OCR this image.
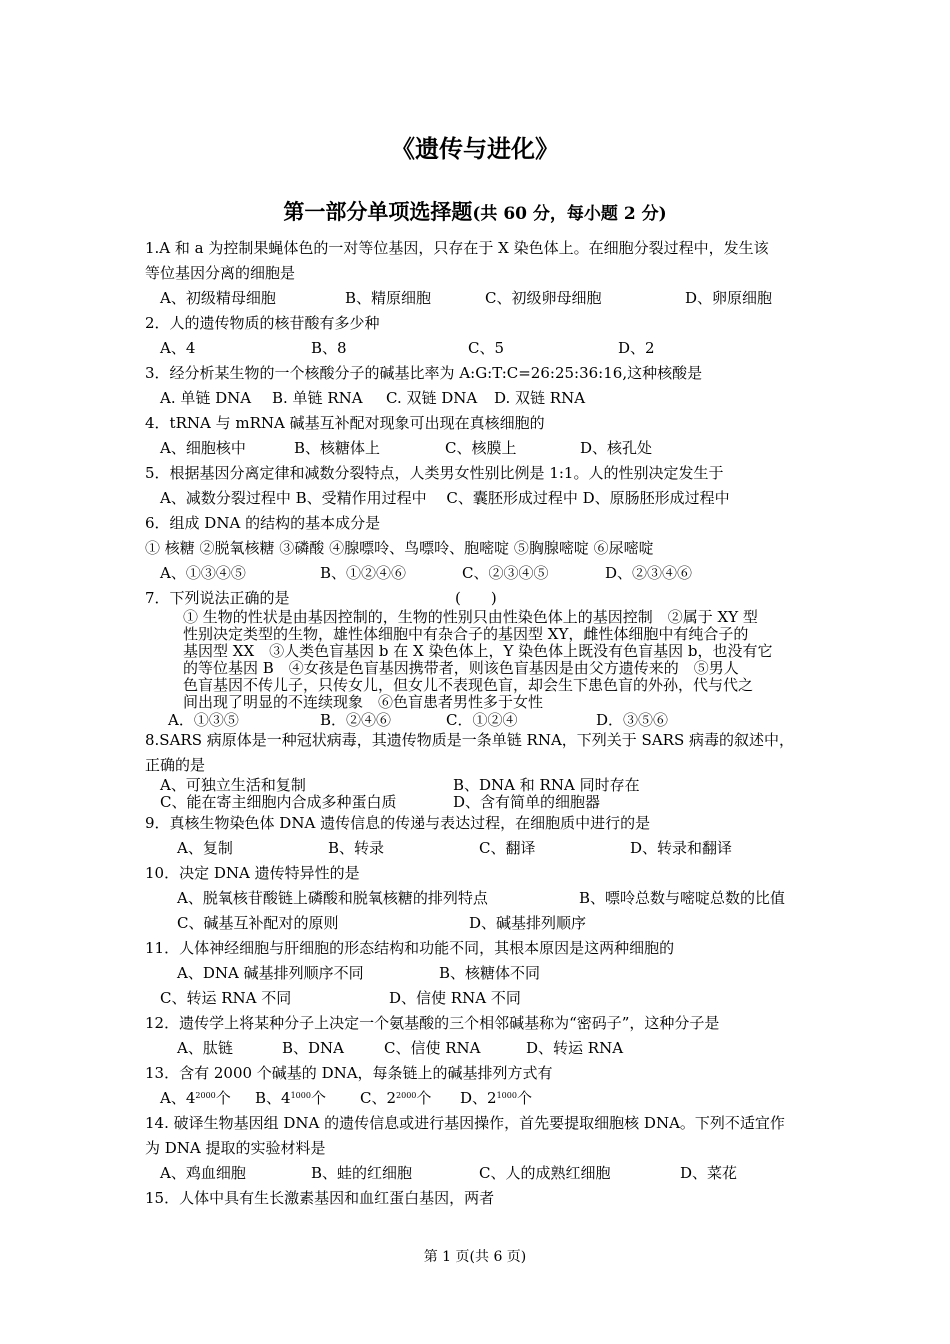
《遗传与进化》
第一部分单项选择题(共 60 分，每小题 2 分)
1.A 和 a 为控制果蝇体色的一对等位基因，只存在于 X 染色体上。在细胞分裂过程中，发生该
等位基因分离的细胞是
A、初级精母细胞	B、精原细胞	C、初级卵母细胞	D、卵原细胞
2．人的遗传物质的核苷酸有多少种
A、4	B、8	C、5	D、2
3．经分析某生物的一个核酸分子的碱基比率为 A:G:T:C=26:25:36:16,这种核酸是
A. 单链 DNA B. 单链 RNA C. 双链 DNA D. 双链 RNA
4．tRNA 与 mRNA 碱基互补配对现象可出现在真核细胞的
A、细胞核中	B、核糖体上	C、核膜上	D、核孔处
5．根据基因分离定律和减数分裂特点，人类男女性别比例是 1:1。人的性别决定发生于
A、减数分裂过程中 B、受精作用过程中　 C、囊胚形成过程中 D、原肠胚形成过程中
6．组成 DNA 的结构的基本成分是
① 核糖 ②脱氧核糖 ③磷酸 ④腺嘌呤、鸟嘌呤、胞嘧啶 ⑤胸腺嘧啶 ⑥尿嘧啶
A、①③④⑤	B、①②④⑥	C、②③④⑤	D、②③④⑥
7．下列说法正确的是	(　　)
① 生物的性状是由基因控制的，生物的性别只由性染色体上的基因控制　②属于 XY 型
性别决定类型的生物，雄性体细胞中有杂合子的基因型 XY，雌性体细胞中有纯合子的
基因型 XX　③人类色盲基因 b 在 X 染色体上，Y 染色体上既没有色盲基因 b，也没有它
的等位基因 B　④女孩是色盲基因携带者，则该色盲基因是由父方遗传来的　⑤男人
色盲基因不传儿子，只传女儿，但女儿不表现色盲，却会生下患色盲的外孙，代与代之
间出现了明显的不连续现象　⑥色盲患者男性多于女性
A．①③⑤	B．②④⑥	C．①②④	D．③⑤⑥
8.SARS 病原体是一种冠状病毒，其遗传物质是一条单链 RNA，下列关于 SARS 病毒的叙述中，
正确的是
A、可独立生活和复制	B、DNA 和 RNA 同时存在
C、能在寄主细胞内合成多种蛋白质	D、含有简单的细胞器
9．真核生物染色体 DNA 遗传信息的传递与表达过程，在细胞质中进行的是
A、复制	B、转录	C、翻译	D、转录和翻译
10．决定 DNA 遗传特异性的是
A、脱氧核苷酸链上磷酸和脱氧核糖的排列特点	B、嘌呤总数与嘧啶总数的比值
C、碱基互补配对的原则	D、碱基排列顺序
11．人体神经细胞与肝细胞的形态结构和功能不同，其根本原因是这两种细胞的
A、DNA 碱基排列顺序不同	B、核糖体不同
C、转运 RNA 不同	D、信使 RNA 不同
12．遗传学上将某种分子上决定一个氨基酸的三个相邻碱基称为“密码子”，这种分子是
A、肽链	B、DNA	C、信使 RNA	D、转运 RNA
13．含有 2000 个碱基的 DNA，每条链上的碱基排列方式有
A、$4^{2000}$个 B、$4^{1000}$个 C、$2^{2000}$个 D、$2^{1000}$个
14. 破译生物基因组 DNA 的遗传信息或进行基因操作，首先要提取细胞核 DNA。下列不适宜作
为 DNA 提取的实验材料是
A、鸡血细胞	B、蛙的红细胞	C、人的成熟红细胞	D、菜花
15．人体中具有生长激素基因和血红蛋白基因，两者
第 1 页(共 6 页)
